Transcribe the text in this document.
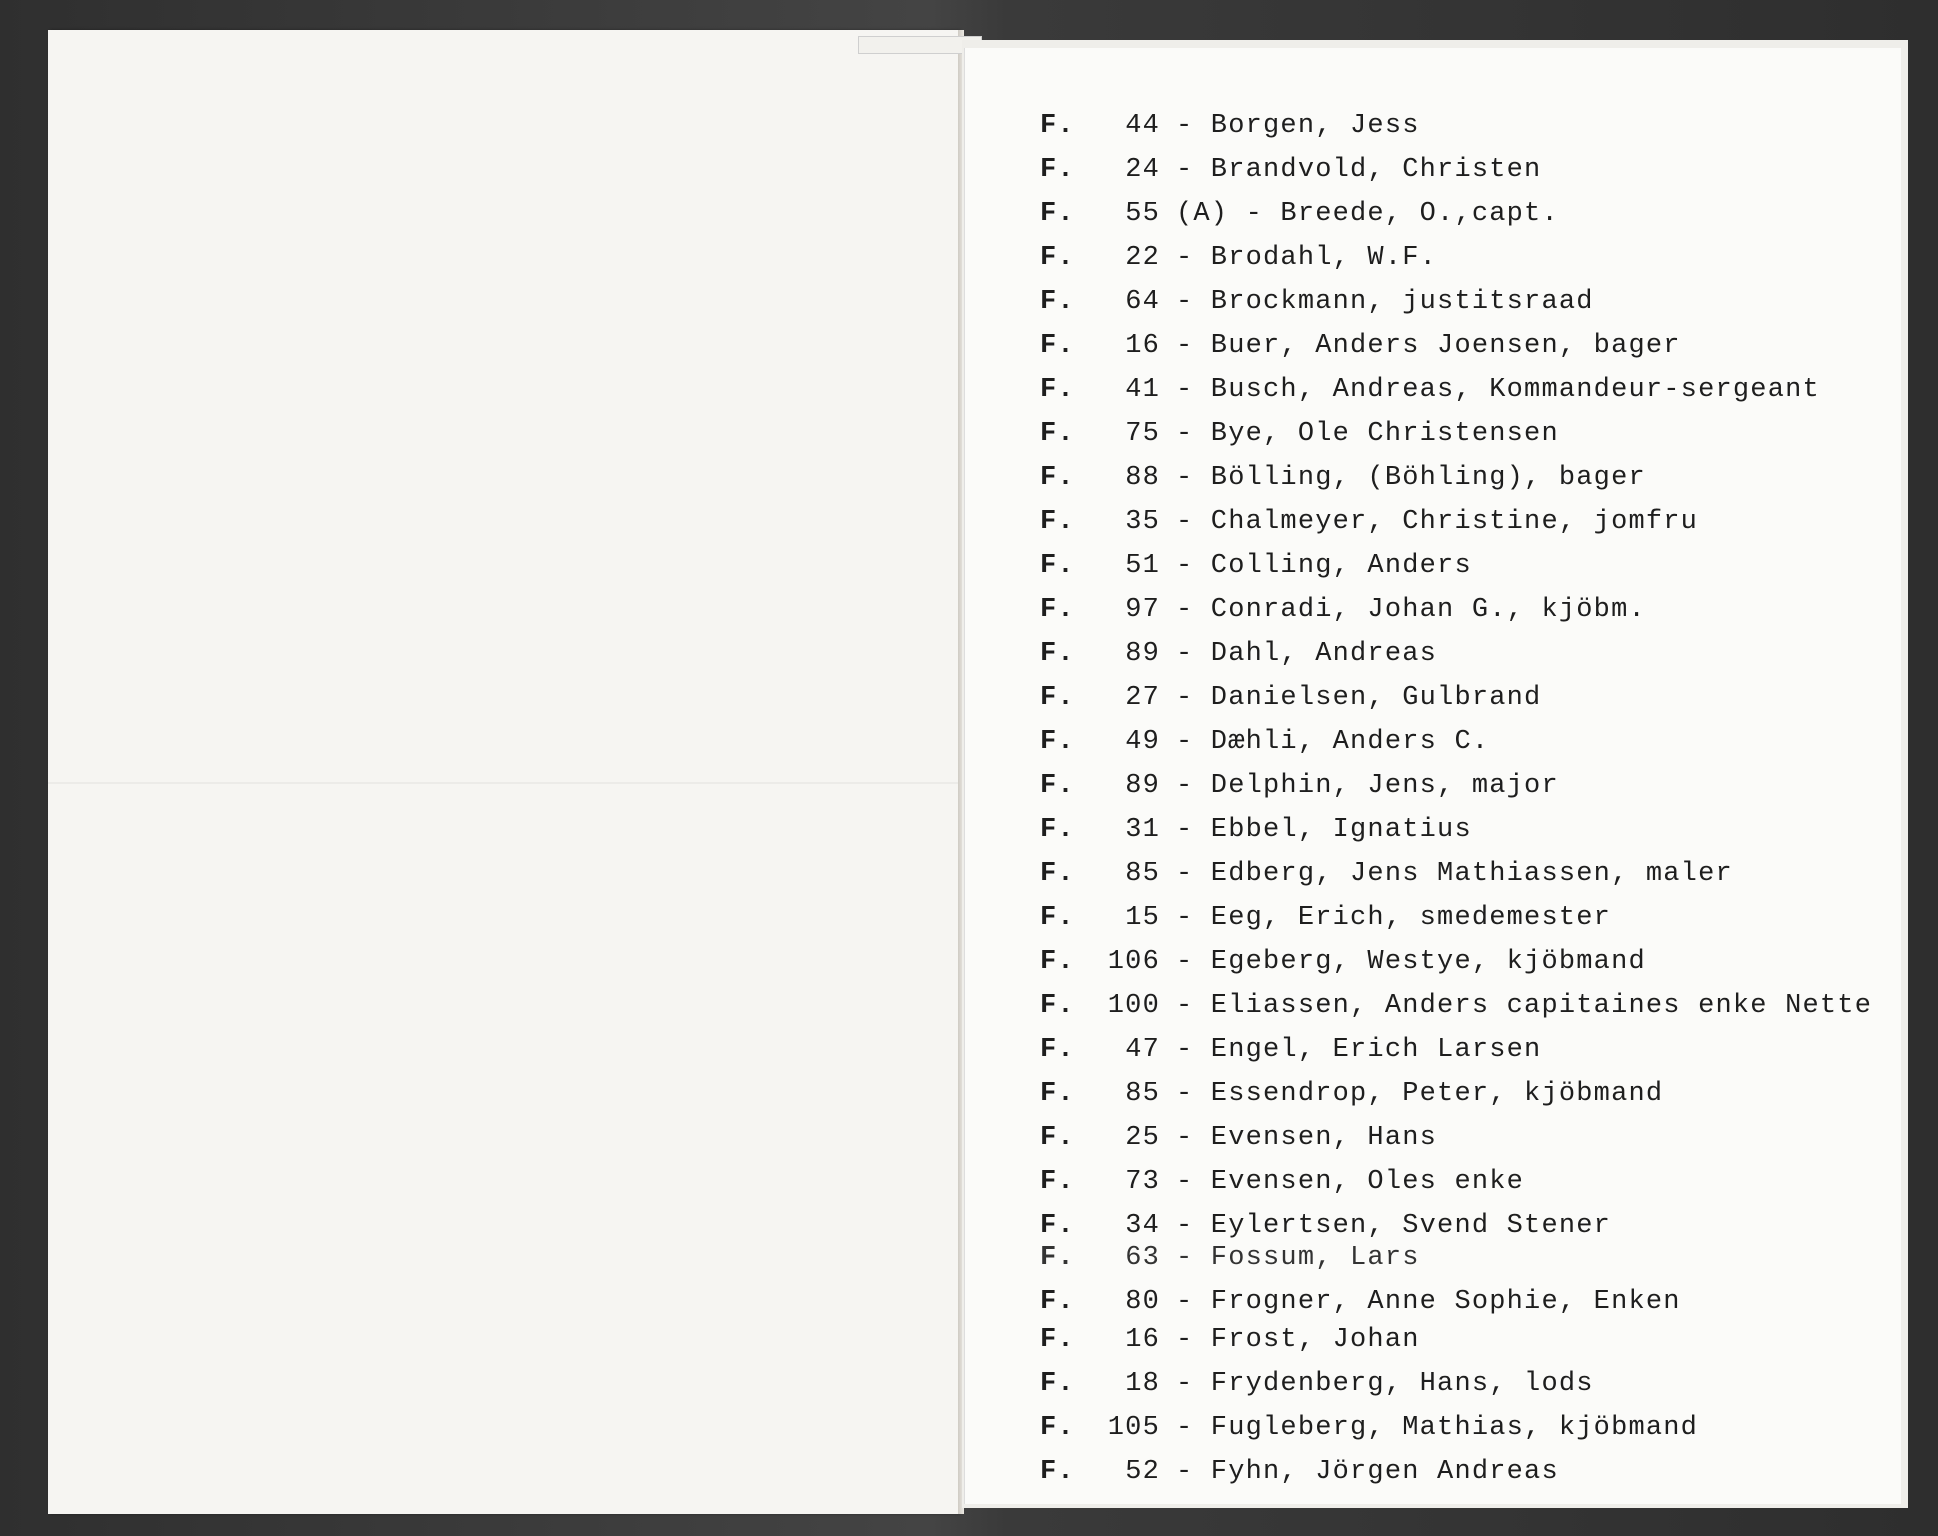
F. 44 - Borgen, Jess
F. 24 - Brandvold, Christen
F. 55 (A) - Breede, O.,capt.
F. 22 - Brodahl, W.F.
F. 64 - Brockmann, justitsraad
F. 16 - Buer, Anders Joensen, bager
F. 41 - Busch, Andreas, Kommandeur-sergeant
F. 75 - Bye, Ole Christensen
F. 88 - Bölling, (Böhling), bager
F. 35 - Chalmeyer, Christine, jomfru
F. 51 - Colling, Anders
F. 97 - Conradi, Johan G., kjöbm.
F. 89 - Dahl, Andreas
F. 27 - Danielsen, Gulbrand
F. 49 - Dæhli, Anders C.
F. 89 - Delphin, Jens, major
F. 31 - Ebbel, Ignatius
F. 85 - Edberg, Jens Mathiassen, maler
F. 15 - Eeg, Erich, smedemester
F. 106 - Egeberg, Westye, kjöbmand
F. 100 - Eliassen, Anders capitaines enke Nette
F. 47 - Engel, Erich Larsen
F. 85 - Essendrop, Peter, kjöbmand
F. 25 - Evensen, Hans
F. 73 - Evensen, Oles enke
F. 34 - Eylertsen, Svend Stener
F. 63 - Fossum, Lars
F. 80 - Frogner, Anne Sophie, Enken
F. 16 - Frost, Johan
F. 18 - Frydenberg, Hans, lods
F. 105 - Fugleberg, Mathias, kjöbmand
F. 52 - Fyhn, Jörgen Andreas
